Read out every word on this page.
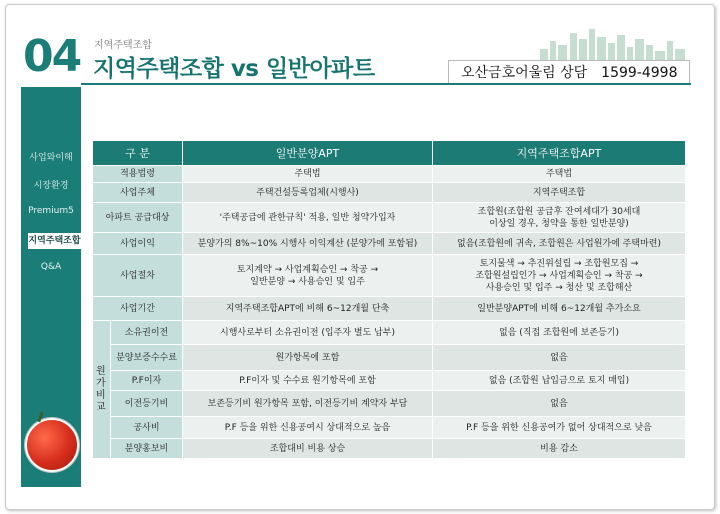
04 지역주택조합
지역주택조합 vs 일반아파트	오산금호어울림 상담 1599-4998
사업와이해
시장환경
Premium5
지역주택조합
Q&A
구 분		일반분양APT	지역주택조합APT
적용법령		주택법	주택법
사업주체		주택건설등록업체(시행사)	지역주택조합
아파트 공급대상		'주택공급에 관한규칙' 적용, 일반 청약가입자	조합원(조합원 공급후 잔여세대가 30세대
이상일 경우, 청약을 통한 일반분양)
사업이익		분양가의 8%~10% 시행사 이익계산 (분양가에 포함됨)	없음(조합원에 귀속, 조합원은 사업원가에 주택마련)
사업절차		토지계약 → 사업계획승인 → 착공 →
일반분양 → 사용승인 및 입주	토지물색 → 추진위설립 → 조합원모집 →
조합원설립인가 → 사업계획승인 → 착공 →
사용승인 및 입주 → 청산 및 조합해산
사업기간		지역주택조합APT에 비해 6~12개월 단축	일반분양APT에 비해 6~12개월 추가소요
원
가
비
교	소유권이전	시행사로부터 소유권이전 (입주자 별도 납부)	없음 (직접 조합원에 보존등기)
	분양보증수수료	원가항목에 포함	없음
	P.F이자	P.F이자 및 수수료 원기항목에 포함	없음 (조합원 납입금으로 토지 매입)
	이전등기비	보존등기비 원가항목 포함, 이전등기비 계약자 부담	없음
	공사비	P.F 등을 위한 신용공여시 상대적으로 높음	P.F 등을 위한 신용공여가 없어 상대적으로 낮음
	분양홍보비	조합대비 비용 상승	비용 감소
